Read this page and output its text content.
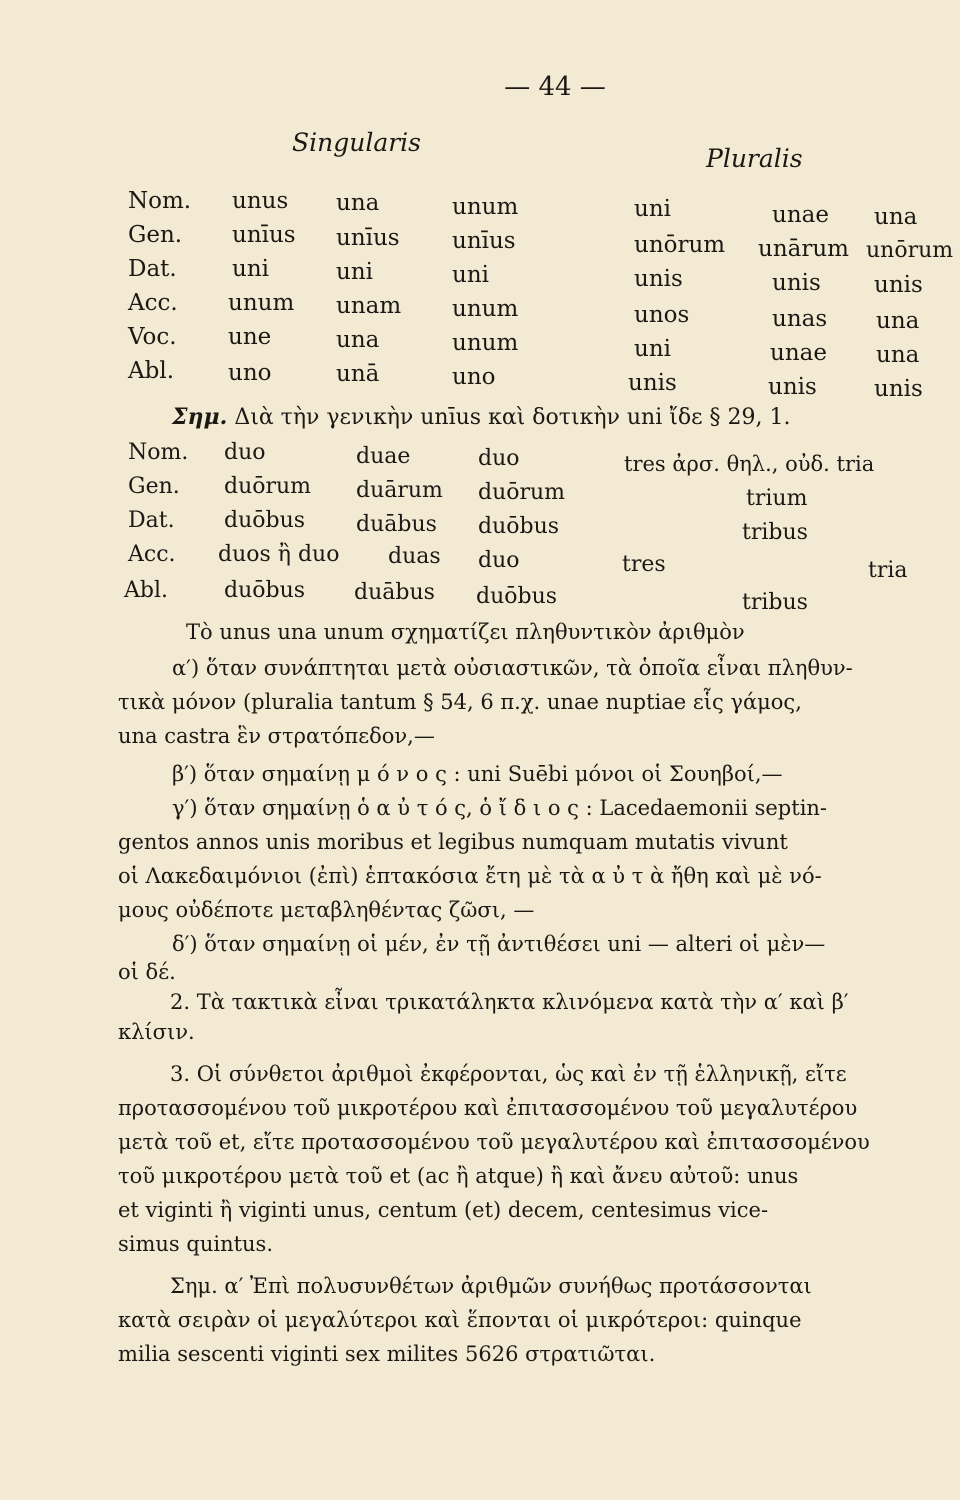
— 44 —
Singularis
Pluralis
Nom. unus una	unum	uni	unae una
Gen. unīus unīus unīus	unōrum unārum unōrum
Dat. uni	uni	uni	unis	unis unis
Acc. unum unam unum	unos	unas una
Voc. une	una	unum	uni	unae una
Abl. uno	unā	uno	unis	unis unis
Σημ. Διὰ τὴν γενικὴν unīus καὶ δοτικὴν uni ἴδε § 29, 1.
Nom. duo	duae	duo	tres ἀρσ. θηλ., οὐδ. tria
Gen. duōrum duārum duōrum	trium
Dat. duōbus duābus duōbus	tribus
Acc. duos ἢ duo duas duo	tres	tria
Abl.	duōbus duābus duōbus	tribus
Τὸ unus una unum σχηματίζει πληθυντικὸν ἀριθμὸν
α′) ὅταν συνάπτηται μετὰ οὐσιαστικῶν, τὰ ὁποῖα εἶναι πληθυν-
τικὰ μόνον (pluralia tantum § 54, 6 π.χ. unae nuptiae εἷς γάμος,
una castra ἓν στρατόπεδον,—
β′) ὅταν σημαίνῃ μ ό ν ο ς : uni Suēbi μόνοι οἱ Σουηβοί,—
γ′) ὅταν σημαίνῃ ὁ α ὐ τ ό ς, ὁ ἴ δ ι ο ς : Lacedaemonii septin-
gentos annos unis moribus et legibus numquam mutatis vivunt
οἱ Λακεδαιμόνιοι (ἐπὶ) ἑπτακόσια ἔτη μὲ τὰ α ὐ τ ὰ ἤθη καὶ μὲ νό-
μους οὐδέποτε μεταβληθέντας ζῶσι, —
δ′) ὅταν σημαίνῃ οἱ μέν, ἐν τῇ ἀντιθέσει uni — alteri οἱ μὲν—
οἱ δέ.
2. Τὰ τακτικὰ εἶναι τρικατάληκτα κλινόμενα κατὰ τὴν α′ καὶ β′
κλίσιν.
3. Οἱ σύνθετοι ἀριθμοὶ ἐκφέρονται, ὡς καὶ ἐν τῇ ἑλληνικῇ, εἴτε
προτασσομένου τοῦ μικροτέρου καὶ ἐπιτασσομένου τοῦ μεγαλυτέρου
μετὰ τοῦ et, εἴτε προτασσομένου τοῦ μεγαλυτέρου καὶ ἐπιτασσομένου
τοῦ μικροτέρου μετὰ τοῦ et (ac ἢ atque) ἢ καὶ ἄνευ αὐτοῦ: unus
et viginti ἢ viginti unus, centum (et) decem, centesimus vice-
simus quintus.
Σημ. α′ Ἐπὶ πολυσυνθέτων ἀριθμῶν συνήθως προτάσσονται
κατὰ σειρὰν οἱ μεγαλύτεροι καὶ ἕπονται οἱ μικρότεροι: quinque
milia sescenti viginti sex milites 5626 στρατιῶται.
